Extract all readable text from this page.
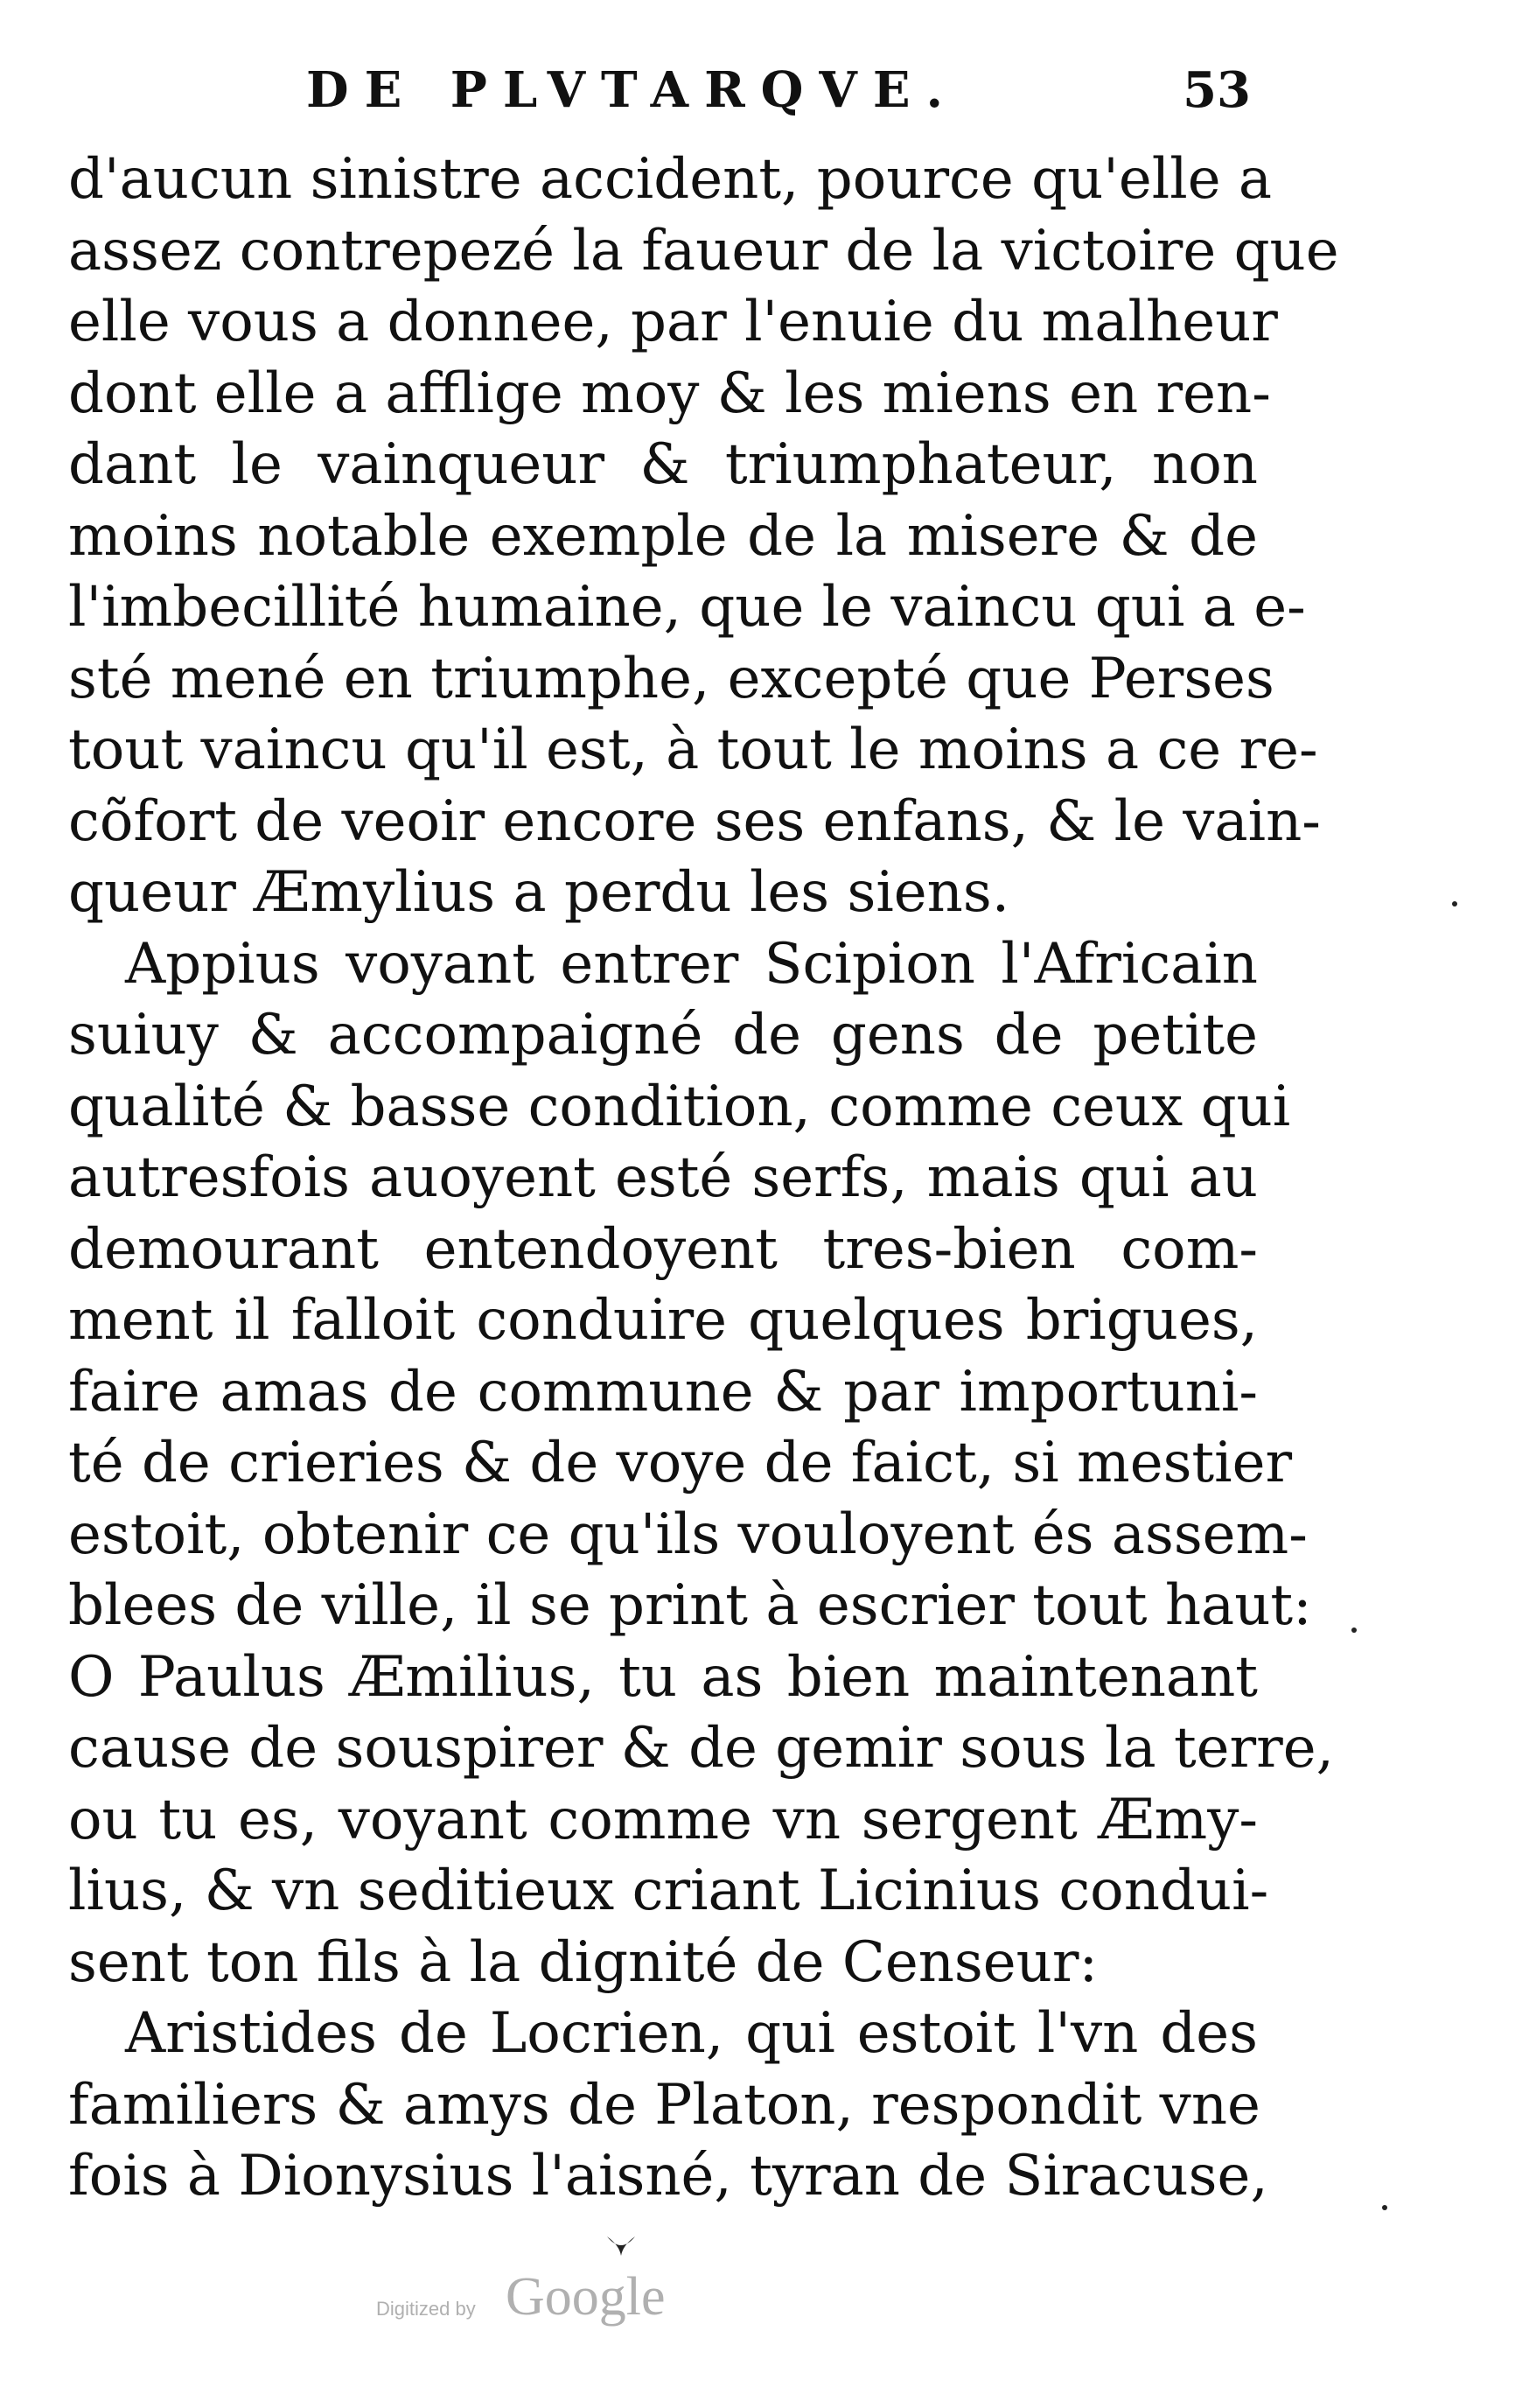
DE PLVTARQVE.	53
d'aucun sinistre accident, pource qu'elle a
assez contrepezé la faueur de la victoire que
elle vous a donnee, par l'enuie du malheur
dont elle a afflige moy & les miens en ren-
dant le vainqueur & triumphateur, non
moins notable exemple de la misere & de
l'imbecillité humaine, que le vaincu qui a e-
sté mené en triumphe, excepté que Perses
tout vaincu qu'il est, à tout le moins a ce re-
cõfort de veoir encore ses enfans, & le vain-
queur Æmylius a perdu les siens.
Appius voyant entrer Scipion l'Africain
suiuy & accompaigné de gens de petite
qualité & basse condition, comme ceux qui
autresfois auoyent esté serfs, mais qui au
demourant entendoyent tres-bien com-
ment il falloit conduire quelques brigues,
faire amas de commune & par importuni-
té de crieries & de voye de faict, si mestier
estoit, obtenir ce qu'ils vouloyent és assem-
blees de ville, il se print à escrier tout haut:
O Paulus Æmilius, tu as bien maintenant
cause de souspirer & de gemir sous la terre,
ou tu es, voyant comme vn sergent Æmy-
lius, & vn seditieux criant Licinius condui-
sent ton fils à la dignité de Censeur:
Aristides de Locrien, qui estoit l'vn des
familiers & amys de Platon, respondit vne
fois à Dionysius l'aisné, tyran de Siracuse,
Digitized by Google
